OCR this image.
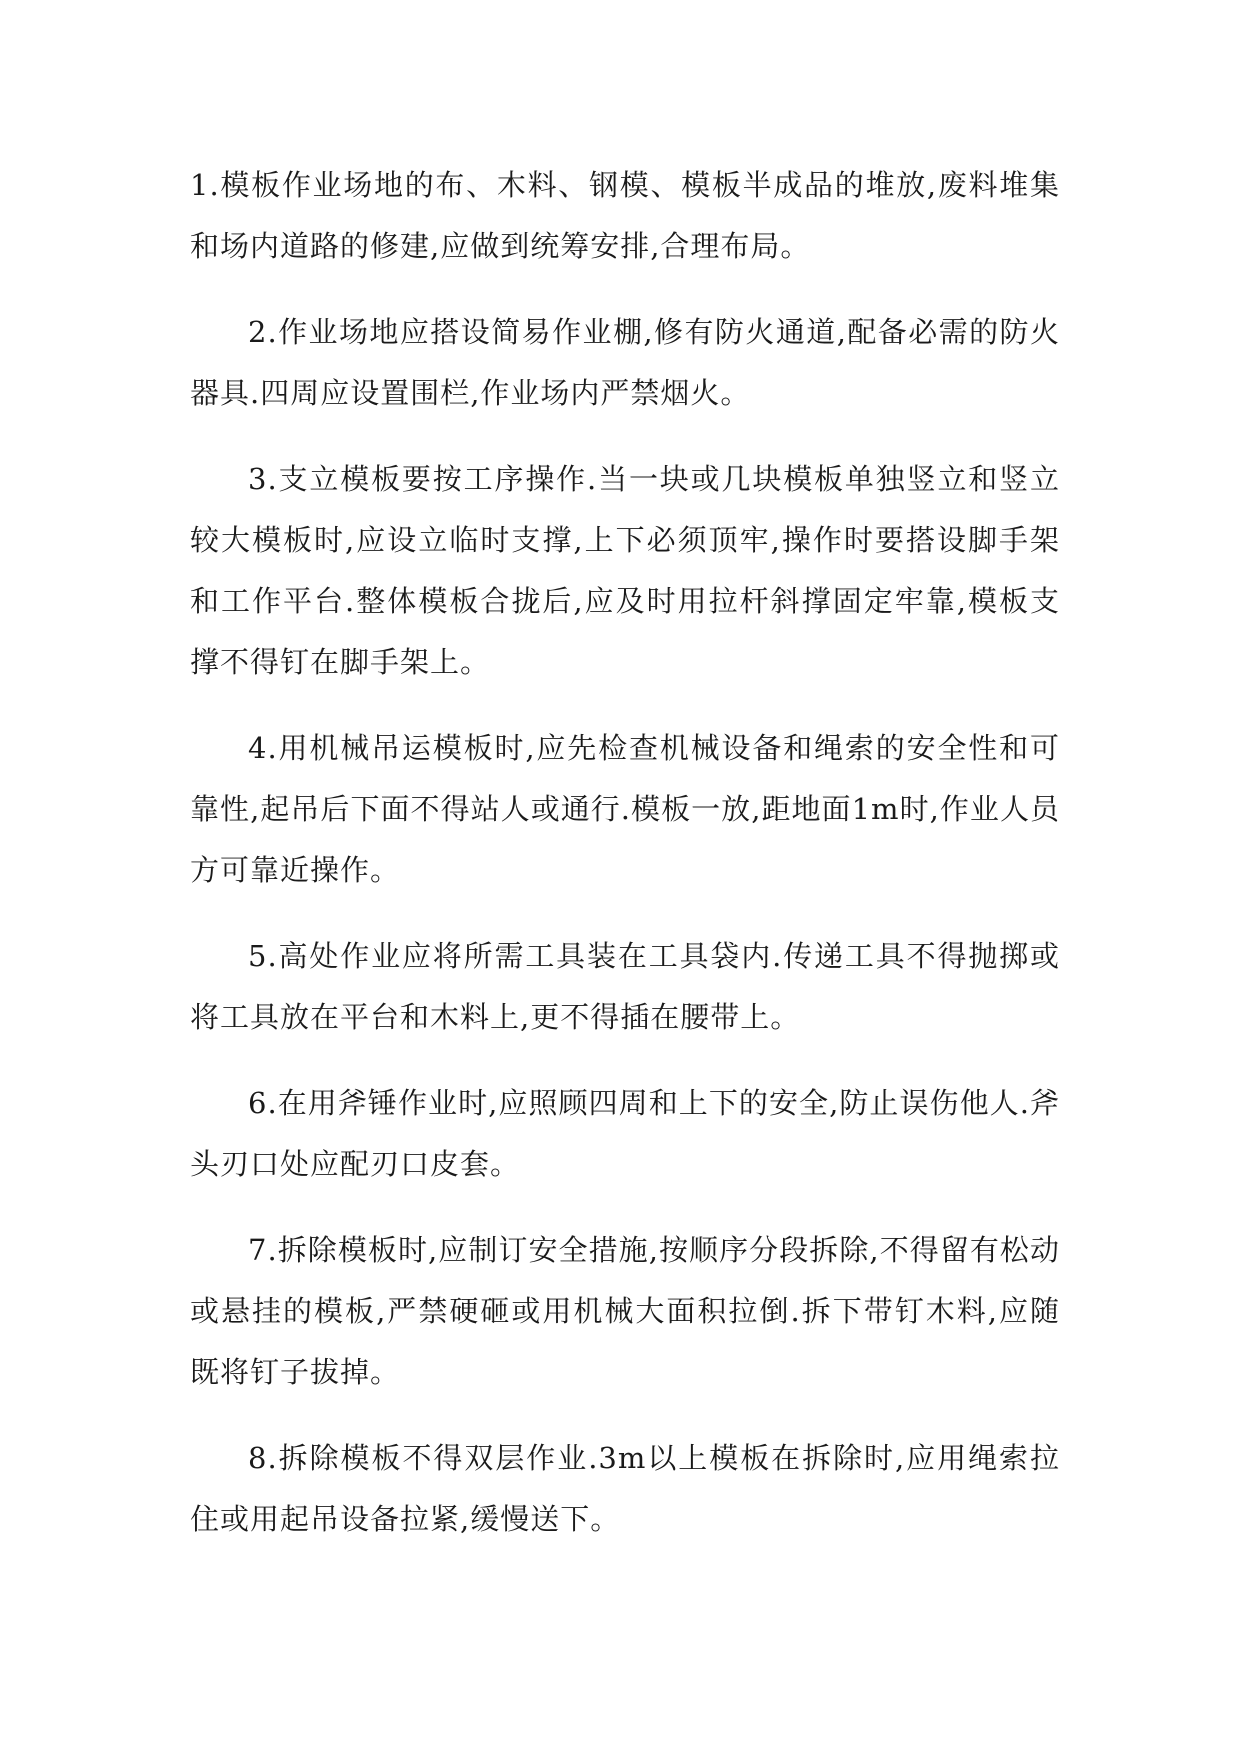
1.模板作业场地的布、木料、钢模、模板半成品的堆放,废料堆集和场内道路的修建,应做到统筹安排,合理布局。

2.作业场地应搭设简易作业棚,修有防火通道,配备必需的防火器具.四周应设置围栏,作业场内严禁烟火。

3.支立模板要按工序操作.当一块或几块模板单独竖立和竖立较大模板时,应设立临时支撑,上下必须顶牢,操作时要搭设脚手架和工作平台.整体模板合拢后,应及时用拉杆斜撑固定牢靠,模板支撑不得钉在脚手架上。

4.用机械吊运模板时,应先检查机械设备和绳索的安全性和可靠性,起吊后下面不得站人或通行.模板一放,距地面1m时,作业人员方可靠近操作。

5.高处作业应将所需工具装在工具袋内.传递工具不得抛掷或将工具放在平台和木料上,更不得插在腰带上。

6.在用斧锤作业时,应照顾四周和上下的安全,防止误伤他人.斧头刃口处应配刃口皮套。

7.拆除模板时,应制订安全措施,按顺序分段拆除,不得留有松动或悬挂的模板,严禁硬砸或用机械大面积拉倒.拆下带钉木料,应随既将钉子拔掉。

8.拆除模板不得双层作业.3m以上模板在拆除时,应用绳索拉住或用起吊设备拉紧,缓慢送下。
